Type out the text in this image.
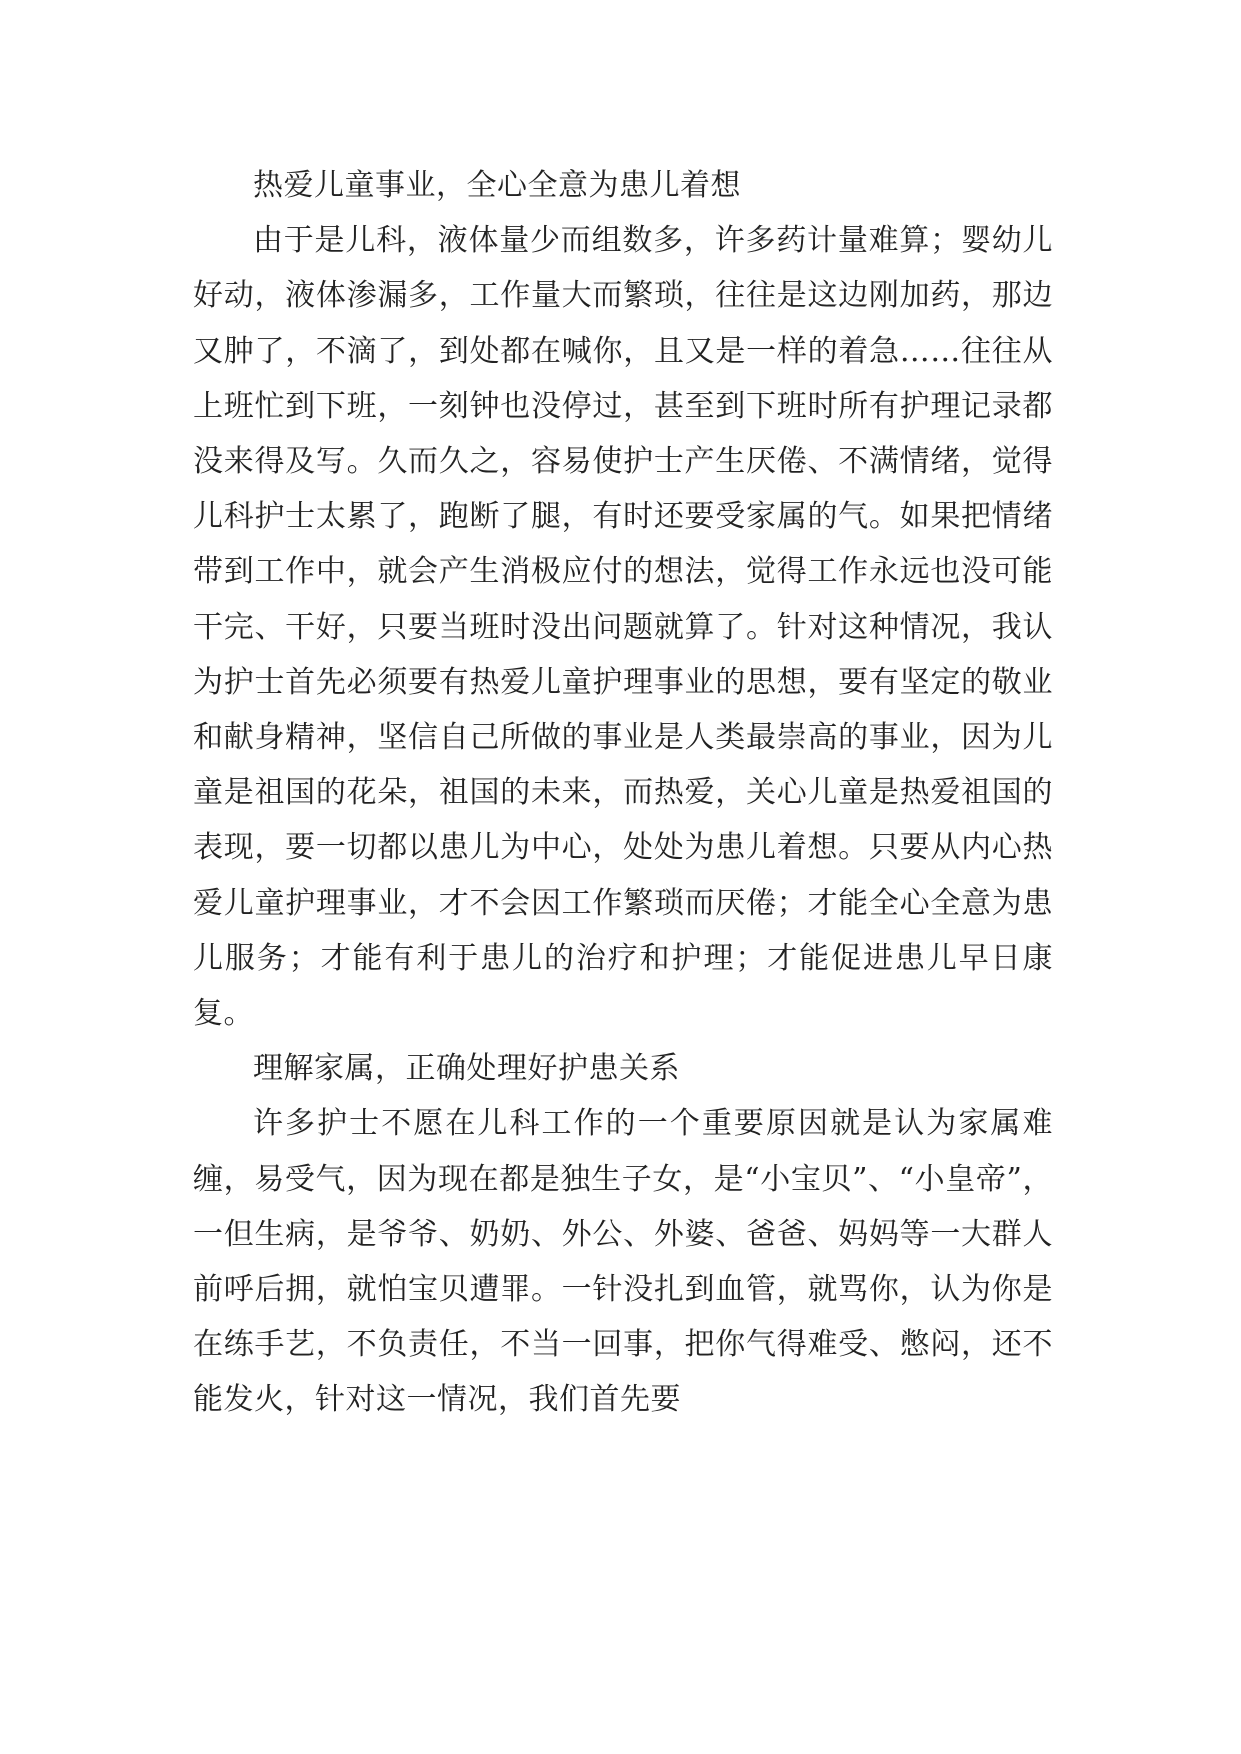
热爱儿童事业，全心全意为患儿着想

由于是儿科，液体量少而组数多，许多药计量难算；婴幼儿好动，液体渗漏多，工作量大而繁琐，往往是这边刚加药，那边又肿了，不滴了，到处都在喊你，且又是一样的着急……往往从上班忙到下班，一刻钟也没停过，甚至到下班时所有护理记录都没来得及写。久而久之，容易使护士产生厌倦、不满情绪，觉得儿科护士太累了，跑断了腿，有时还要受家属的气。如果把情绪带到工作中，就会产生消极应付的想法，觉得工作永远也没可能干完、干好，只要当班时没出问题就算了。针对这种情况，我认为护士首先必须要有热爱儿童护理事业的思想，要有坚定的敬业和献身精神，坚信自己所做的事业是人类最崇高的事业，因为儿童是祖国的花朵，祖国的未来，而热爱，关心儿童是热爱祖国的表现，要一切都以患儿为中心，处处为患儿着想。只要从内心热爱儿童护理事业，才不会因工作繁琐而厌倦；才能全心全意为患儿服务；才能有利于患儿的治疗和护理；才能促进患儿早日康复。

理解家属，正确处理好护患关系

许多护士不愿在儿科工作的一个重要原因就是认为家属难缠，易受气，因为现在都是独生子女，是“小宝贝”、“小皇帝”，一但生病，是爷爷、奶奶、外公、外婆、爸爸、妈妈等一大群人前呼后拥，就怕宝贝遭罪。一针没扎到血管，就骂你，认为你是在练手艺，不负责任，不当一回事，把你气得难受、憋闷，还不能发火，针对这一情况，我们首先要
